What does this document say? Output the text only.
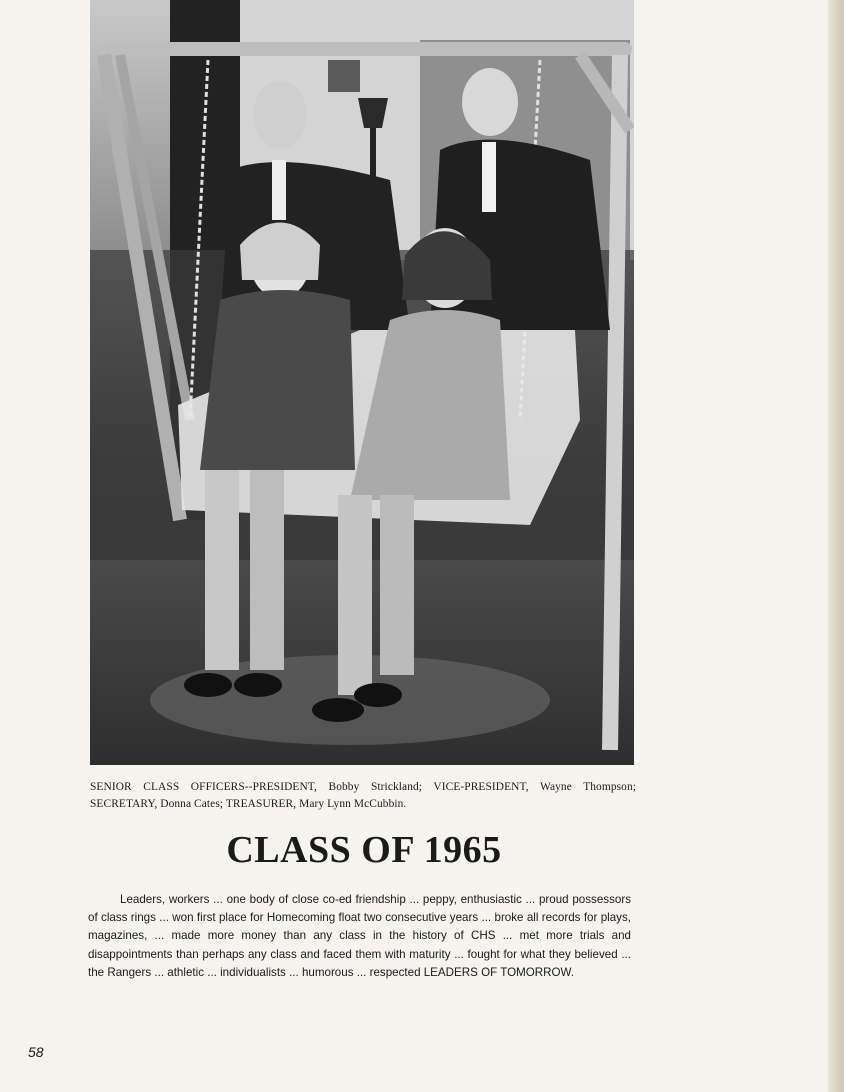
SENIOR CLASS OFFICERS--PRESIDENT, Bobby Strickland; VICE-PRESIDENT, Wayne Thompson; SECRETARY, Donna Cates; TREASURER, Mary Lynn McCubbin.

CLASS OF 1965

Leaders, workers ... one body of close co-ed friendship ... peppy, enthusiastic ... proud possessors of class rings ... won first place for Homecoming float two consecutive years ... broke all records for plays, magazines, ... made more money than any class in the history of CHS ... met more trials and disappointments than perhaps any class and faced them with maturity ... fought for what they believed ... the Rangers ... athletic ... individualists ... humorous ... respected LEADERS OF TOMORROW.

58
